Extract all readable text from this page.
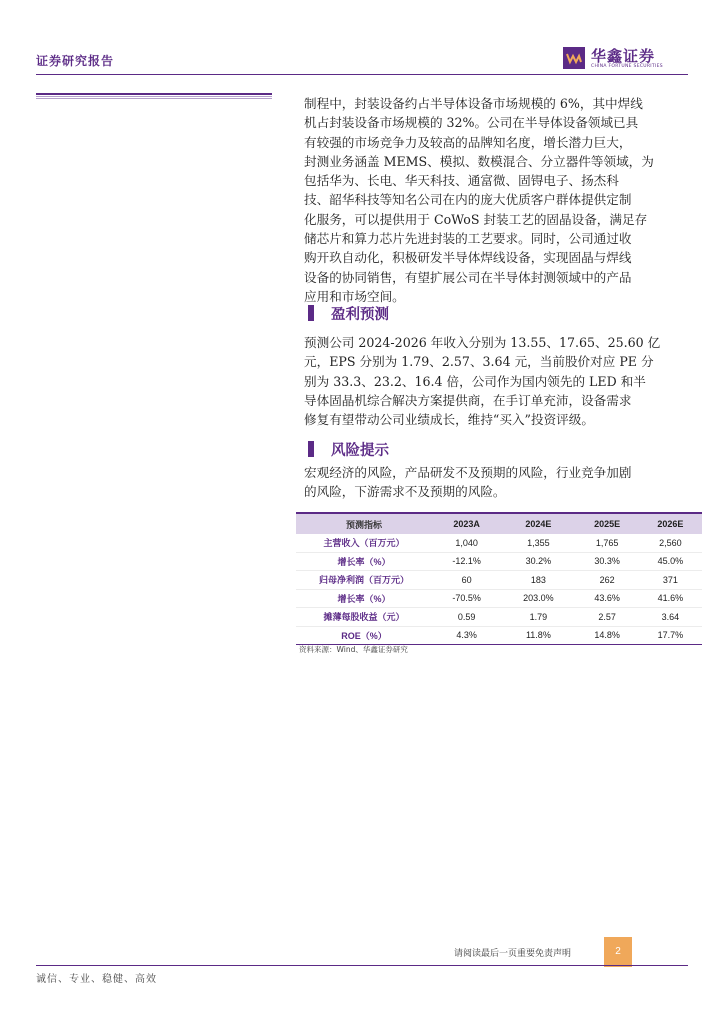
证券研究报告	华鑫证券
CHINA FORTUNE SECURITIES

制程中，封装设备约占半导体设备市场规模的 6%，其中焊线

机占封装设备市场规模的 32%。公司在半导体设备领域已具

有较强的市场竞争力及较高的品牌知名度，增长潜力巨大，

封测业务涵盖 MEMS、模拟、数模混合、分立器件等领域，为

包括华为、长电、华天科技、通富微、固锝电子、扬杰科

技、韶华科技等知名公司在内的庞大优质客户群体提供定制

化服务，可以提供用于 CoWoS 封装工艺的固晶设备，满足存

储芯片和算力芯片先进封装的工艺要求。同时，公司通过收

购开玖自动化，积极研发半导体焊线设备，实现固晶与焊线

设备的协同销售，有望扩展公司在半导体封测领域中的产品

应用和市场空间。

盈利预测

预测公司 2024-2026 年收入分别为 13.55、17.65、25.60 亿

元，EPS 分别为 1.79、2.57、3.64 元，当前股价对应 PE 分

别为 33.3、23.2、16.4 倍，公司作为国内领先的 LED 和半

导体固晶机综合解决方案提供商，在手订单充沛，设备需求

修复有望带动公司业绩成长，维持“买入”投资评级。

风险提示

宏观经济的风险，产品研发不及预期的风险，行业竞争加剧

的风险，下游需求不及预期的风险。

预测指标	2023A	2024E	2025E	2026E
主营收入（百万元）	1,040	1,355	1,765	2,560
增长率（%）	-12.1%	30.2%	30.3%	45.0%
归母净利润（百万元）	60	183	262	371
增长率（%）	-70.5%	203.0%	43.6%	41.6%
摊薄每股收益（元）	0.59	1.79	2.57	3.64
ROE（%）	4.3%	11.8%	14.8%	17.7%
资料来源：Wind、华鑫证券研究
请阅读最后一页重要免责声明	2
诚信、专业、稳健、高效
